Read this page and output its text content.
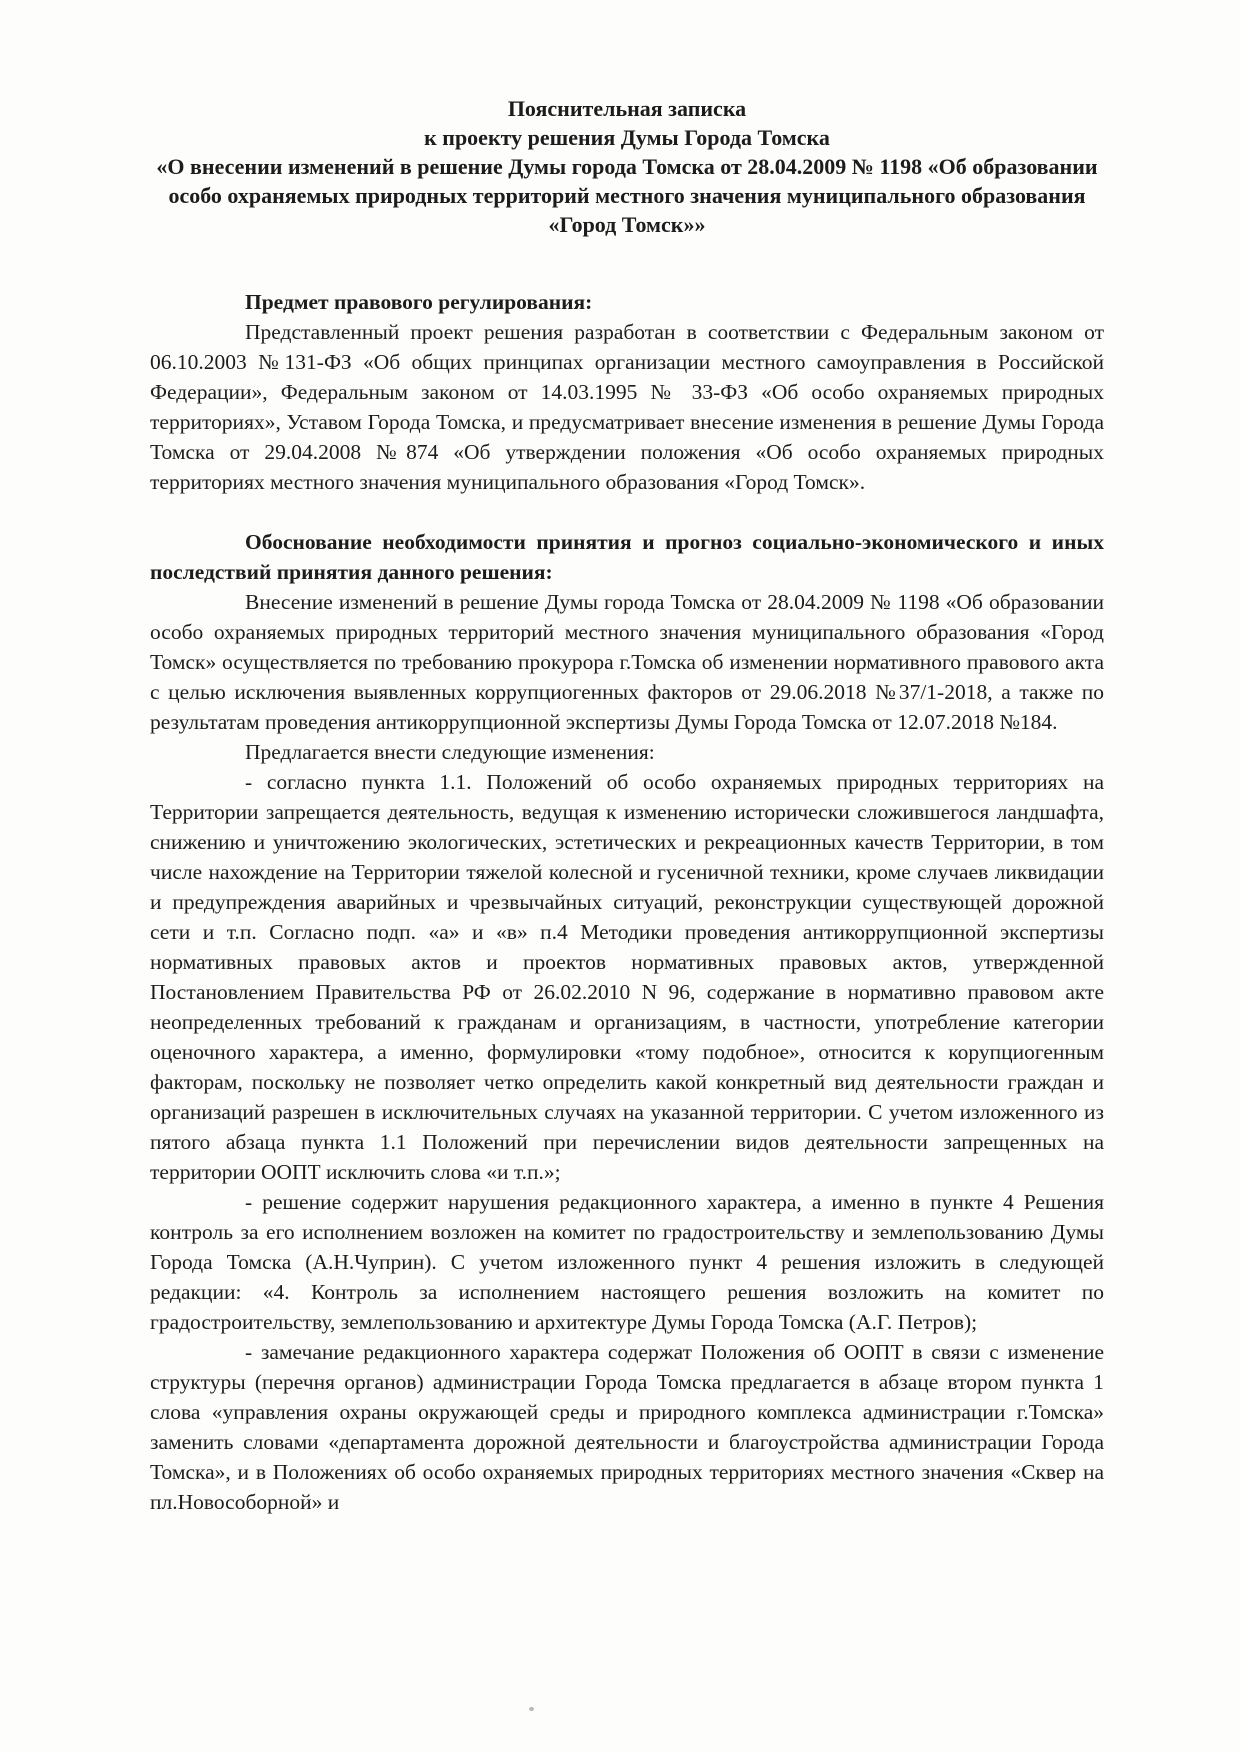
Пояснительная записка
к проекту решения Думы Города Томска
«О внесении изменений в решение Думы города Томска от 28.04.2009 № 1198 «Об образовании особо охраняемых природных территорий местного значения муниципального образования «Город Томск»»

Предмет правового регулирования:

Представленный проект решения разработан в соответствии с Федеральным законом от 06.10.2003 №131-ФЗ «Об общих принципах организации местного самоуправления в Российской Федерации», Федеральным законом от 14.03.1995 № 33-ФЗ «Об особо охраняемых природных территориях», Уставом Города Томска, и предусматривает внесение изменения в решение Думы Города Томска от 29.04.2008 №874 «Об утверждении положения «Об особо охраняемых природных территориях местного значения муниципального образования «Город Томск».

Обоснование необходимости принятия и прогноз социально-экономического и иных последствий принятия данного решения:

Внесение изменений в решение Думы города Томска от 28.04.2009 № 1198 «Об образовании особо охраняемых природных территорий местного значения муниципального образования «Город Томск» осуществляется по требованию прокурора г.Томска об изменении нормативного правового акта с целью исключения выявленных коррупциогенных факторов от 29.06.2018 №37/1-2018, а также по результатам проведения антикоррупционной экспертизы Думы Города Томска от 12.07.2018 №184.

Предлагается внести следующие изменения:

- согласно пункта 1.1. Положений об особо охраняемых природных территориях на Территории запрещается деятельность, ведущая к изменению исторически сложившегося ландшафта, снижению и уничтожению экологических, эстетических и рекреационных качеств Территории, в том числе нахождение на Территории тяжелой колесной и гусеничной техники, кроме случаев ликвидации и предупреждения аварийных и чрезвычайных ситуаций, реконструкции существующей дорожной сети и т.п. Согласно подп. «а» и «в» п.4 Методики проведения антикоррупционной экспертизы нормативных правовых актов и проектов нормативных правовых актов, утвержденной Постановлением Правительства РФ от 26.02.2010 N 96, содержание в нормативно правовом акте неопределенных требований к гражданам и организациям, в частности, употребление категории оценочного характера, а именно, формулировки «тому подобное», относится к корупциогенным факторам, поскольку не позволяет четко определить какой конкретный вид деятельности граждан и организаций разрешен в исключительных случаях на указанной территории. С учетом изложенного из пятого абзаца пункта 1.1 Положений при перечислении видов деятельности запрещенных на территории ООПТ исключить слова «и т.п.»;

- решение содержит нарушения редакционного характера, а именно в пункте 4 Решения контроль за его исполнением возложен на комитет по градостроительству и землепользованию Думы Города Томска (А.Н.Чуприн). С учетом изложенного пункт 4 решения изложить в следующей редакции: «4. Контроль за исполнением настоящего решения возложить на комитет по градостроительству, землепользованию и архитектуре Думы Города Томска (А.Г. Петров);

- замечание редакционного характера содержат Положения об ООПТ в связи с изменение структуры (перечня органов) администрации Города Томска предлагается в абзаце втором пункта 1 слова «управления охраны окружающей среды и природного комплекса администрации г.Томска» заменить словами «департамента дорожной деятельности и благоустройства администрации Города Томска», и в Положениях об особо охраняемых природных территориях местного значения «Сквер на пл.Новособорной» и
